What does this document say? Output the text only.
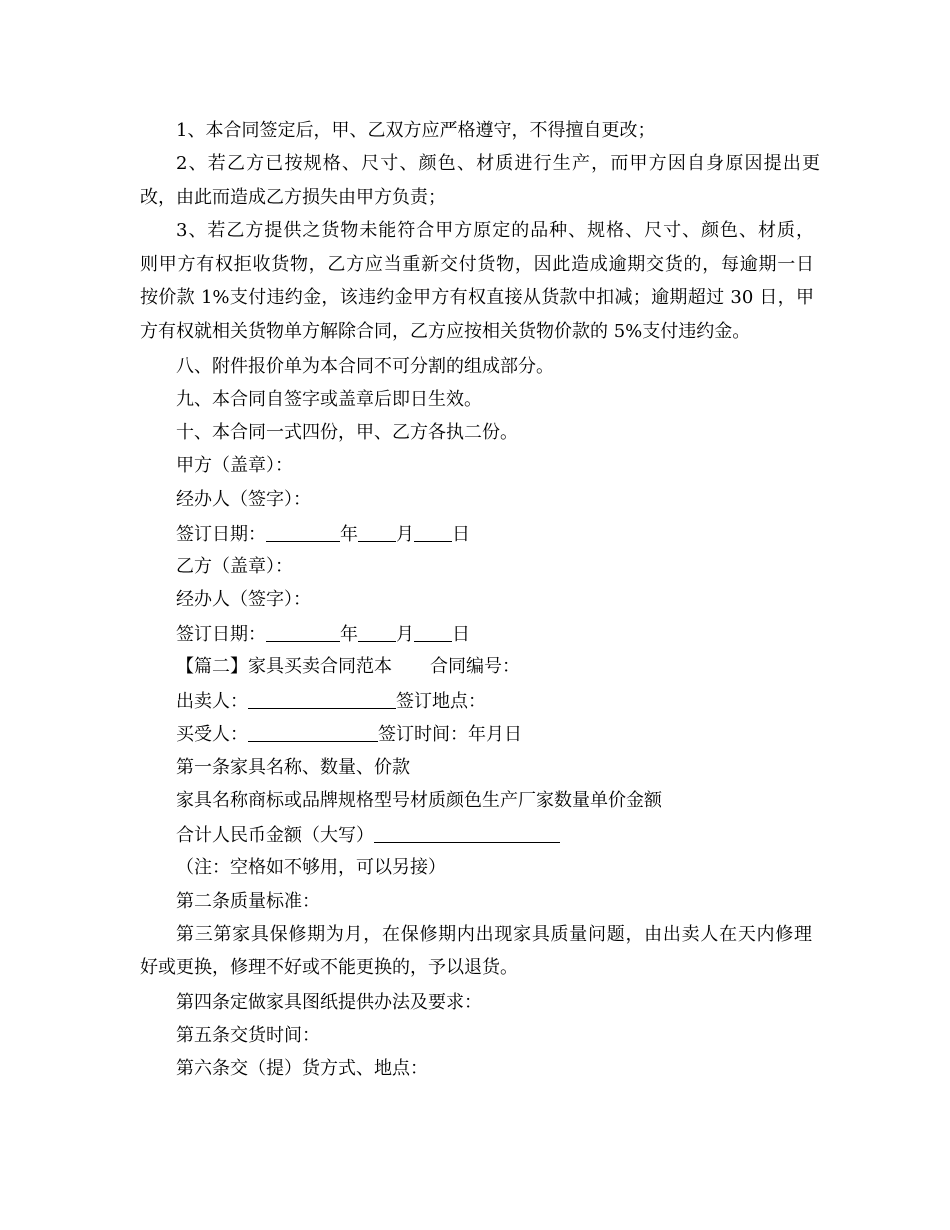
1、本合同签定后，甲、乙双方应严格遵守，不得擅自更改；
2、若乙方已按规格、尺寸、颜色、材质进行生产，而甲方因自身原因提出更
改，由此而造成乙方损失由甲方负责；
3、若乙方提供之货物未能符合甲方原定的品种、规格、尺寸、颜色、材质，
则甲方有权拒收货物，乙方应当重新交付货物，因此造成逾期交货的，每逾期一日
按价款 1%支付违约金，该违约金甲方有权直接从货款中扣减；逾期超过 30 日，甲
方有权就相关货物单方解除合同，乙方应按相关货物价款的 5%支付违约金。
八、附件报价单为本合同不可分割的组成部分。
九、本合同自签字或盖章后即日生效。
十、本合同一式四份，甲、乙方各执二份。
甲方（盖章）：
经办人（签字）：
签订日期：	年 月 日
乙方（盖章）：
经办人（签字）：
签订日期：	年 月 日
【篇二】家具买卖合同范本 合同编号：
出卖人：	签订地点：
买受人：	签订时间：年月日
第一条家具名称、数量、价款
家具名称商标或品牌规格型号材质颜色生产厂家数量单价金额
合计人民币金额（大写）
（注：空格如不够用，可以另接）
第二条质量标准：
第三第家具保修期为月，在保修期内出现家具质量问题，由出卖人在天内修理
好或更换，修理不好或不能更换的，予以退货。
第四条定做家具图纸提供办法及要求：
第五条交货时间：
第六条交（提）货方式、地点：
